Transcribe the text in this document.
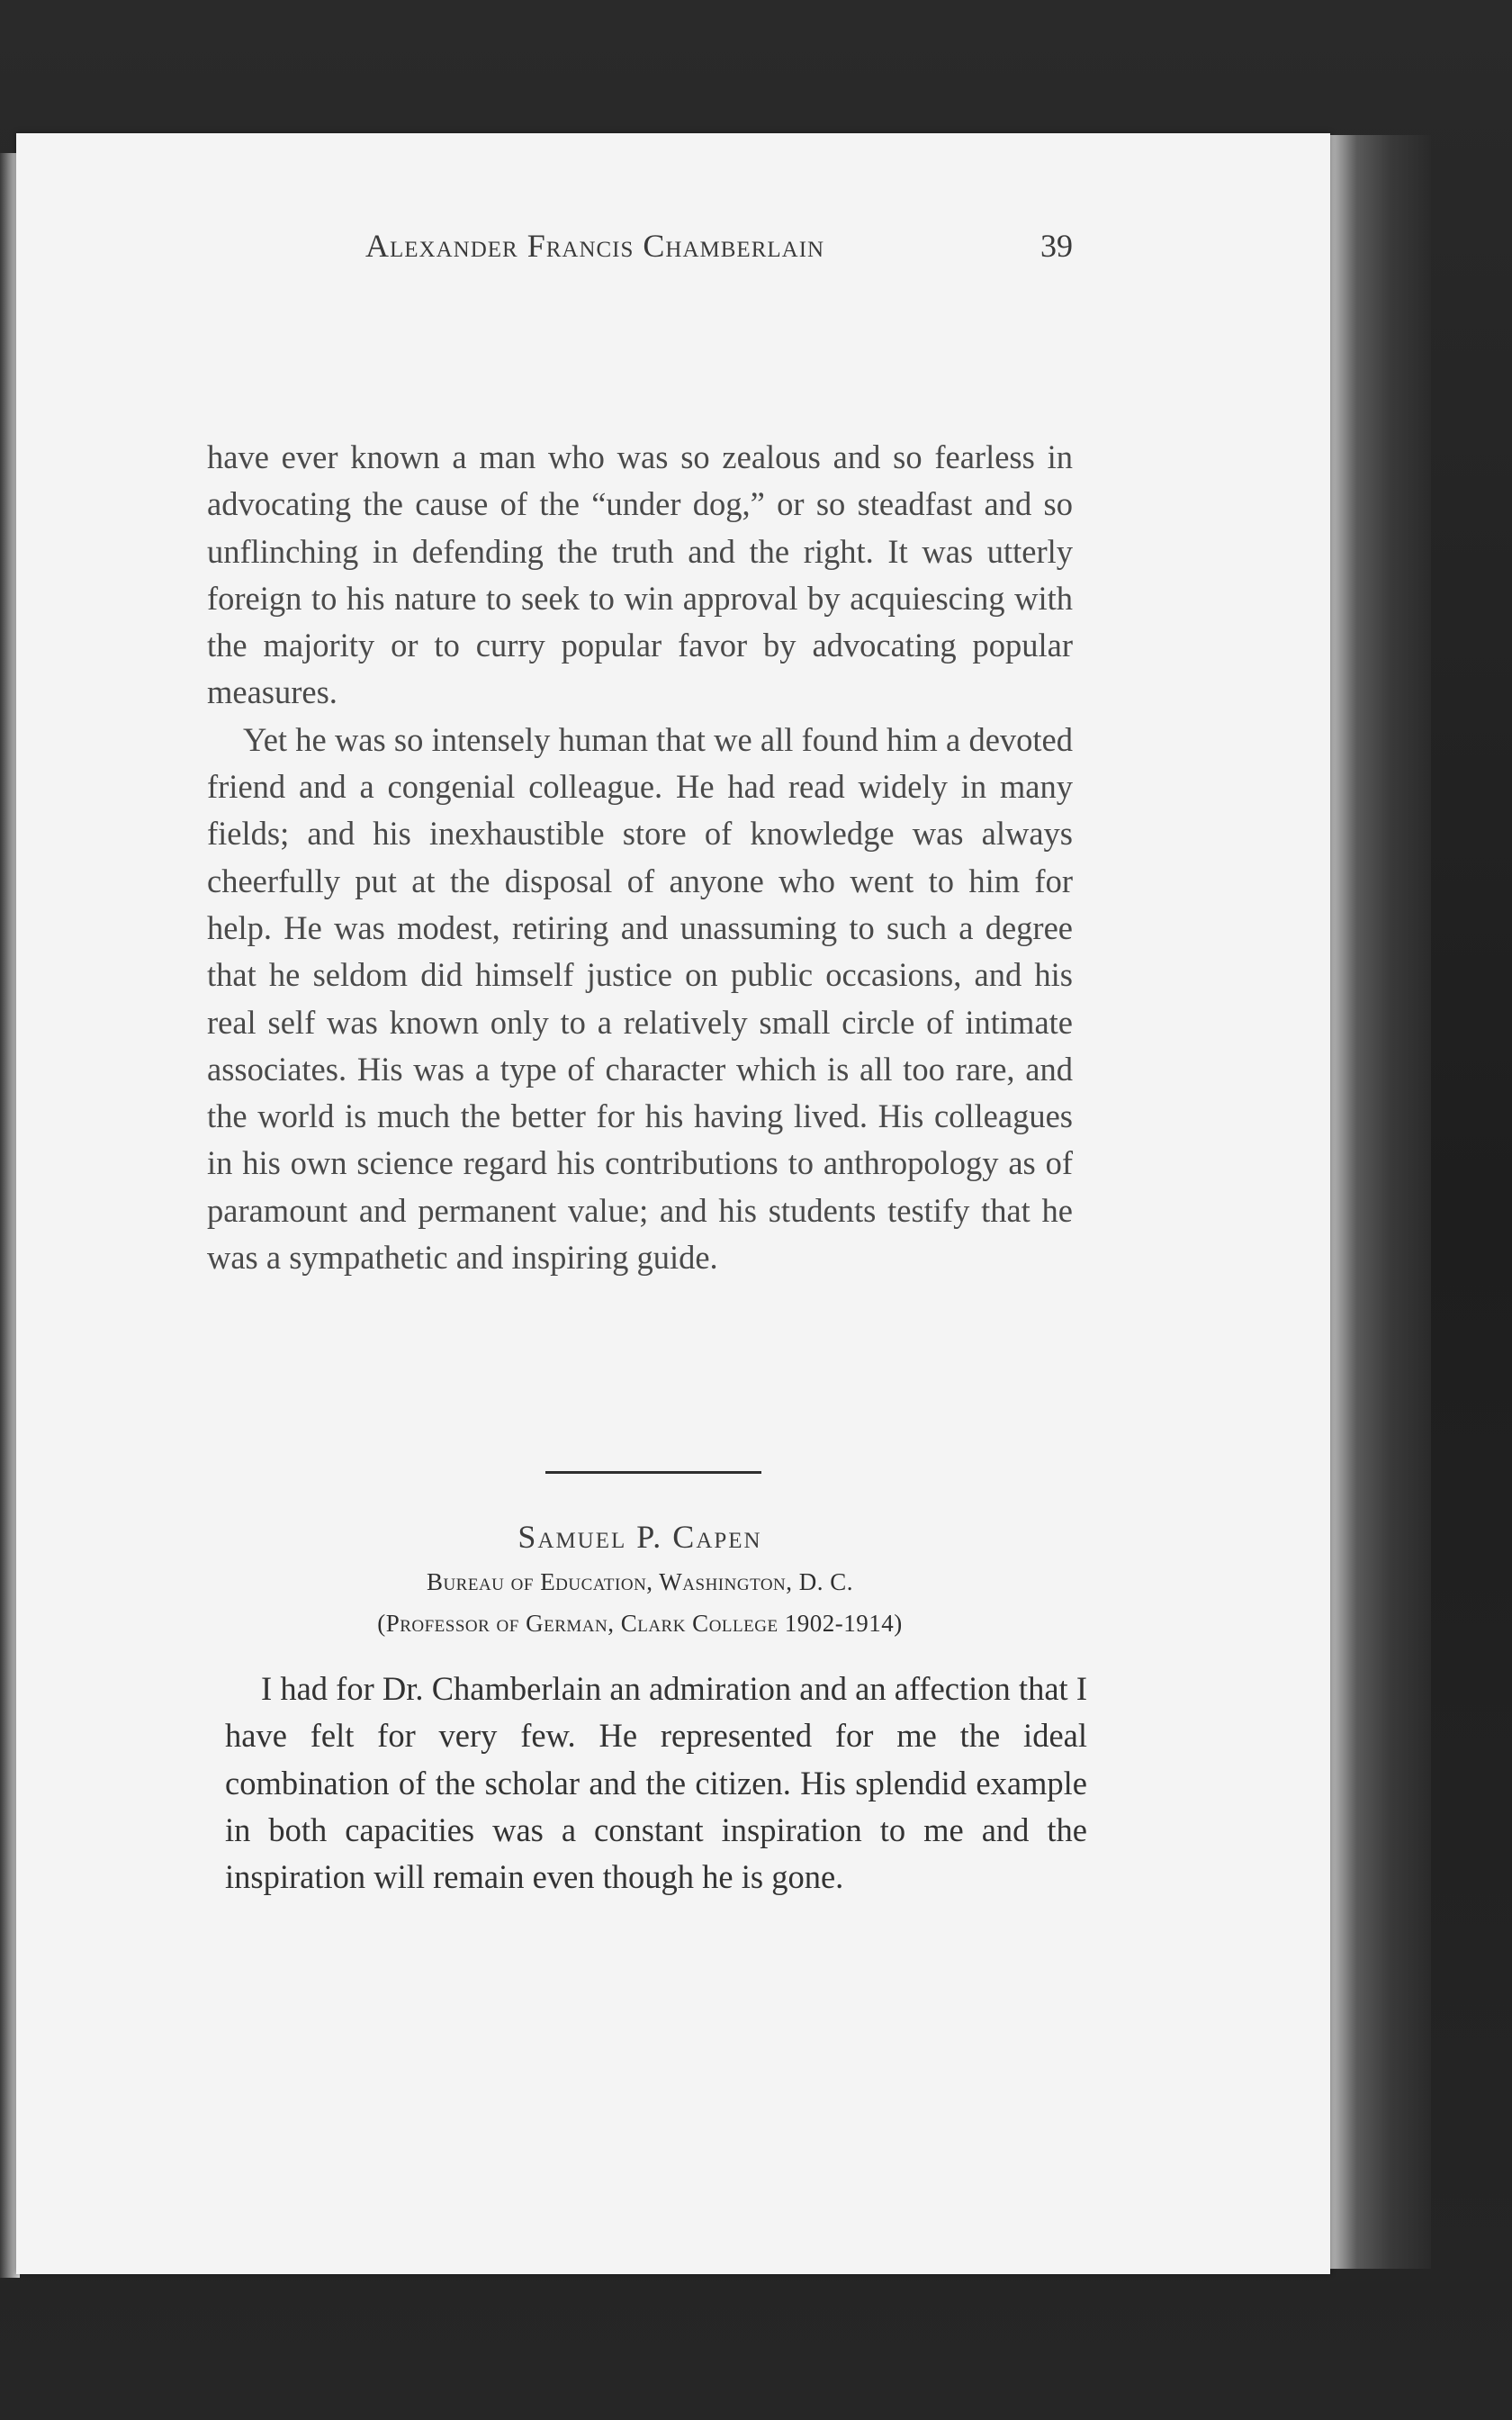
Alexander Francis Chamberlain	39

have ever known a man who was so zealous and so fearless in advocating the cause of the “under dog,” or so steadfast and so unflinching in defending the truth and the right. It was utterly foreign to his nature to seek to win approval by acquiescing with the majority or to curry popular favor by advocating popular measures.

Yet he was so intensely human that we all found him a devoted friend and a congenial colleague. He had read widely in many fields; and his inexhaustible store of knowledge was always cheerfully put at the disposal of anyone who went to him for help. He was modest, retiring and unassuming to such a degree that he seldom did himself justice on public occasions, and his real self was known only to a relatively small circle of intimate associates. His was a type of character which is all too rare, and the world is much the better for his having lived. His colleagues in his own science regard his contributions to anthropology as of paramount and permanent value; and his students testify that he was a sympathetic and inspiring guide.

Samuel P. Capen
Bureau of Education, Washington, D. C.
(Professor of German, Clark College 1902-1914)

I had for Dr. Chamberlain an admiration and an affection that I have felt for very few. He represented for me the ideal combination of the scholar and the citizen. His splendid example in both capacities was a constant inspiration to me and the inspiration will remain even though he is gone.
